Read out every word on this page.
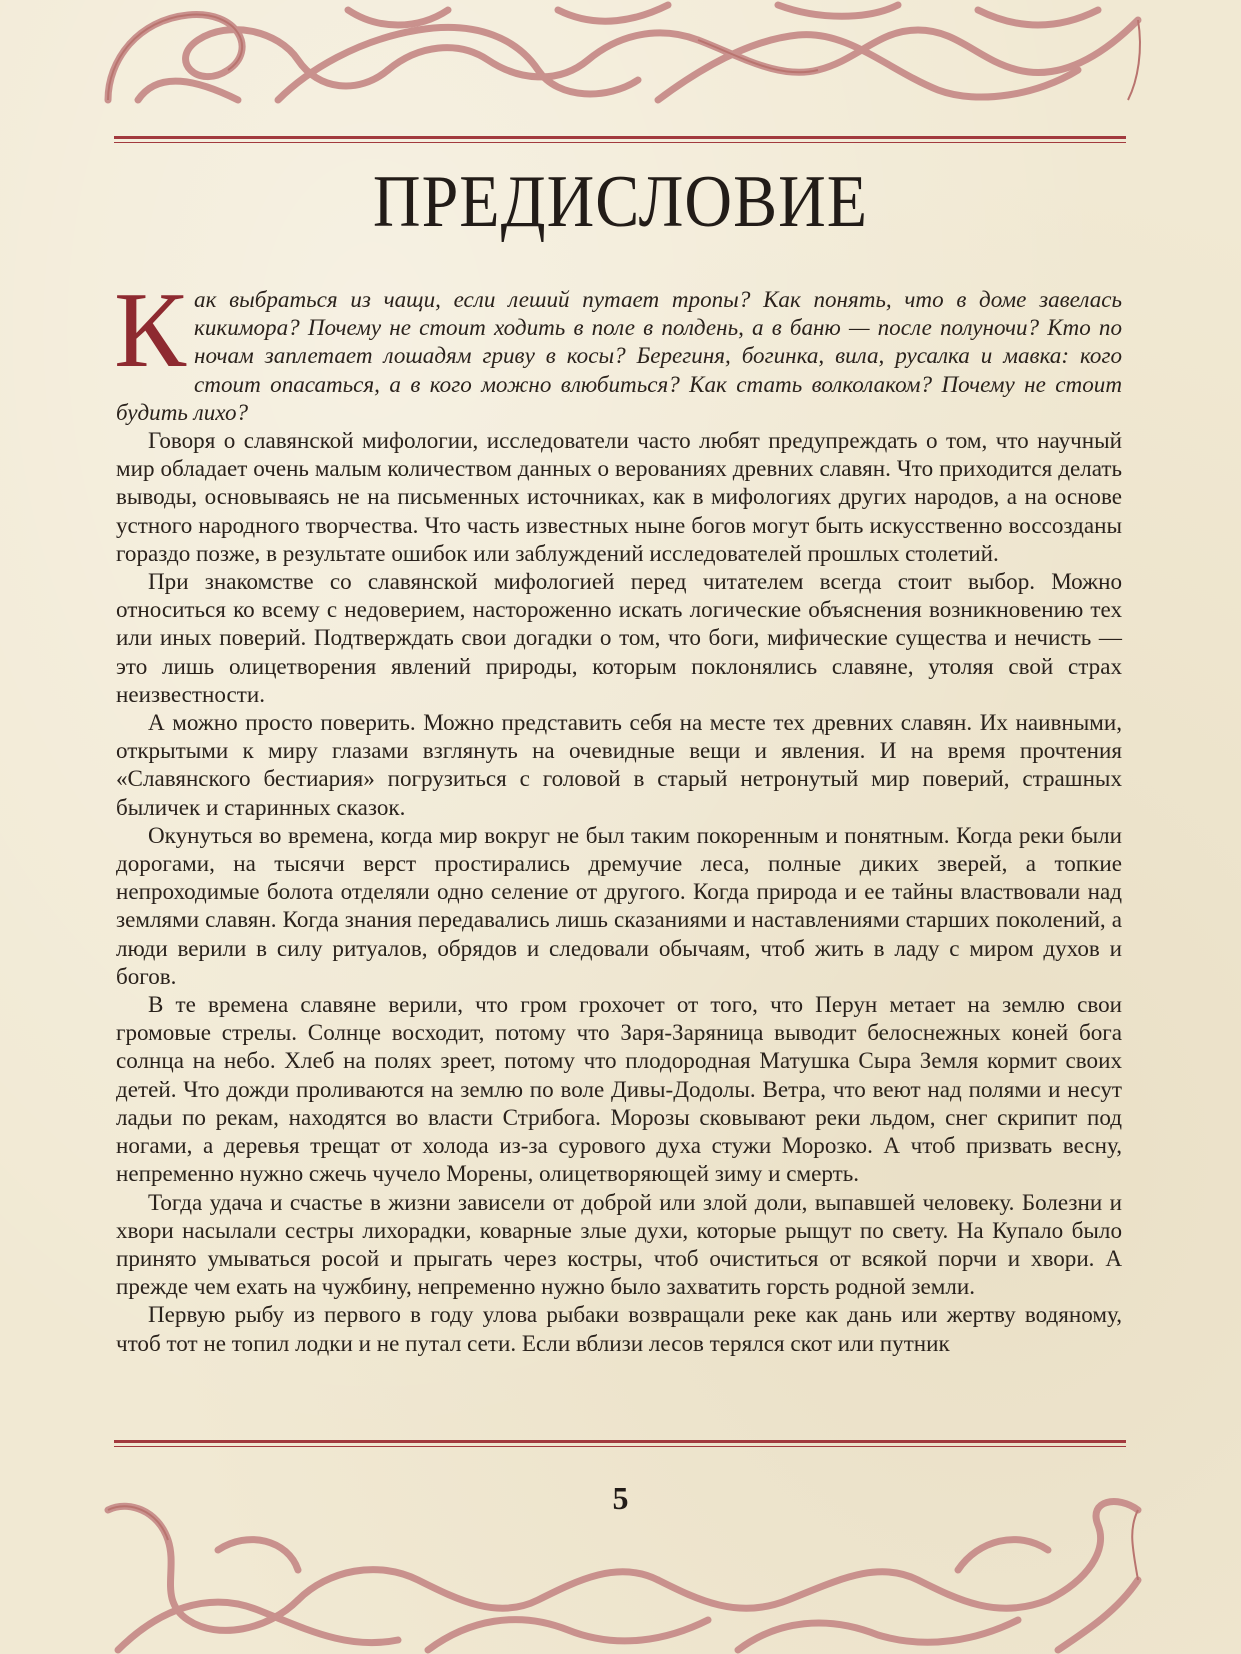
ПРЕДИСЛОВИЕ

Как выбраться из чащи, если леший путает тропы? Как понять, что в доме завелась кикимора? Почему не стоит ходить в поле в полдень, а в баню — после полуночи? Кто по ночам заплетает лошадям гриву в косы? Берегиня, богинка, вила, русалка и мавка: кого стоит опасаться, а в кого можно влюбиться? Как стать волколаком? Почему не стоит будить лихо?

Говоря о славянской мифологии, исследователи часто любят предупреждать о том, что научный мир обладает очень малым количеством данных о верованиях древних славян. Что приходится делать выводы, основываясь не на письменных источниках, как в мифологиях других народов, а на основе устного народного творчества. Что часть известных ныне богов могут быть искусственно воссозданы гораздо позже, в результате ошибок или заблуждений исследователей прошлых столетий.

При знакомстве со славянской мифологией перед читателем всегда стоит выбор. Можно относиться ко всему с недоверием, настороженно искать логические объяснения возникновению тех или иных поверий. Подтверждать свои догадки о том, что боги, мифические существа и нечисть — это лишь олицетворения явлений природы, которым поклонялись славяне, утоляя свой страх неизвестности.

А можно просто поверить. Можно представить себя на месте тех древних славян. Их наивными, открытыми к миру глазами взглянуть на очевидные вещи и явления. И на время прочтения «Славянского бестиария» погрузиться с головой в старый нетронутый мир поверий, страшных быличек и старинных сказок.

Окунуться во времена, когда мир вокруг не был таким покоренным и понятным. Когда реки были дорогами, на тысячи верст простирались дремучие леса, полные диких зверей, а топкие непроходимые болота отделяли одно селение от другого. Когда природа и ее тайны властвовали над землями славян. Когда знания передавались лишь сказаниями и наставлениями старших поколений, а люди верили в силу ритуалов, обрядов и следовали обычаям, чтоб жить в ладу с миром духов и богов.

В те времена славяне верили, что гром грохочет от того, что Перун метает на землю свои громовые стрелы. Солнце восходит, потому что Заря-Заряница выводит белоснежных коней бога солнца на небо. Хлеб на полях зреет, потому что плодородная Матушка Сыра Земля кормит своих детей. Что дожди проливаются на землю по воле Дивы-Додолы. Ветра, что веют над полями и несут ладьи по рекам, находятся во власти Стрибога. Морозы сковывают реки льдом, снег скрипит под ногами, а деревья трещат от холода из-за сурового духа стужи Морозко. А чтоб призвать весну, непременно нужно сжечь чучело Морены, олицетворяющей зиму и смерть.

Тогда удача и счастье в жизни зависели от доброй или злой доли, выпавшей человеку. Болезни и хвори насылали сестры лихорадки, коварные злые духи, которые рыщут по свету. На Купало было принято умываться росой и прыгать через костры, чтоб очиститься от всякой порчи и хвори. А прежде чем ехать на чужбину, непременно нужно было захватить горсть родной земли.

Первую рыбу из первого в году улова рыбаки возвращали реке как дань или жертву водяному, чтоб тот не топил лодки и не путал сети. Если вблизи лесов терялся скот или путник

5
